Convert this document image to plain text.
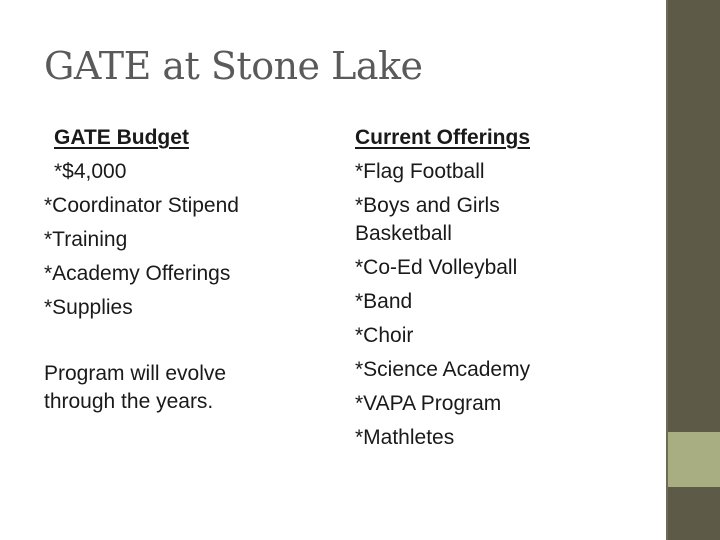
GATE at Stone Lake
GATE Budget
*$4,000
*Coordinator Stipend
*Training
*Academy Offerings
*Supplies
Program will evolve
through the years.
Current Offerings
*Flag Football
*Boys and Girls
Basketball
*Co-Ed Volleyball
*Band
*Choir
*Science Academy
*VAPA Program
*Mathletes
